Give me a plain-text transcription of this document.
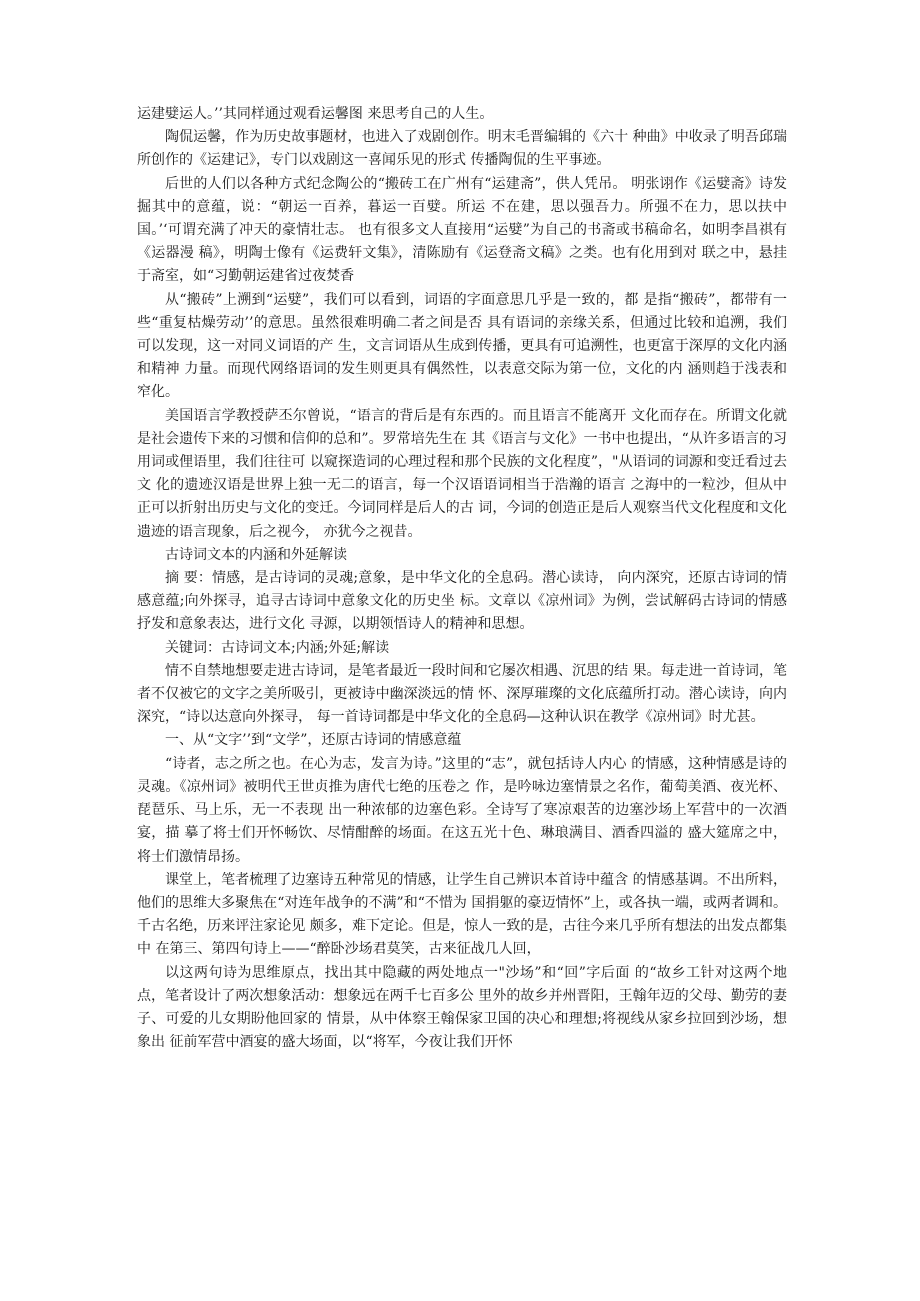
运建嬖运人。’’其同样通过观看运馨图 来思考自己的人生。

陶侃运馨，作为历史故事题材，也进入了戏剧创作。明末毛晋编辑的《六十 种曲》中收录了明吾邱瑞所创作的《运建记》，专门以戏剧这一喜闻乐见的形式 传播陶侃的生平事迹。

后世的人们以各种方式纪念陶公的“搬砖工在广州有“运建斋”，供人凭吊。 明张诩作《运嬖斋》诗发掘其中的意蕴，说：“朝运一百养，暮运一百嬖。所运 不在建，思以强吾力。所强不在力，思以扶中国。’‘可谓充满了冲天的豪情壮志。 也有很多文人直接用“运嬖”为自己的书斋或书稿命名，如明李昌祺有《运器漫 稿》，明陶士像有《运费轩文集》，清陈励有《运登斋文稿》之类。也有化用到对 联之中，悬挂于斋室，如“习勤朝运建省过夜焚香

从“搬砖”上溯到“运嬖”，我们可以看到，词语的字面意思几乎是一致的，都 是指“搬砖”，都带有一些“重复枯燥劳动’’的意思。虽然很难明确二者之间是否 具有语词的亲缘关系，但通过比较和追溯，我们可以发现，这一对同义词语的产 生，文言词语从生成到传播，更具有可追溯性，也更富于深厚的文化内涵和精神 力量。而现代网络语词的发生则更具有偶然性，以表意交际为第一位，文化的内 涵则趋于浅表和窄化。

美国语言学教授萨丕尔曾说，“语言的背后是有东西的。而且语言不能离开 文化而存在。所谓文化就是社会遗传下来的习惯和信仰的总和”。罗常培先生在 其《语言与文化》一书中也提出，“从许多语言的习用词或俚语里，我们往往可 以窥探造词的心理过程和那个民族的文化程度”，"从语词的词源和变迁看过去文 化的遗迹汉语是世界上独一无二的语言，每一个汉语语词相当于浩瀚的语言 之海中的一粒沙，但从中正可以折射出历史与文化的变迁。今词同样是后人的古 词，今词的创造正是后人观察当代文化程度和文化遗迹的语言现象，后之视今， 亦犹今之视昔。

古诗词文本的内涵和外延解读

摘 要：情感，是古诗词的灵魂;意象，是中华文化的全息码。潜心读诗， 向内深究，还原古诗词的情感意蕴;向外探寻，追寻古诗词中意象文化的历史坐 标。文章以《凉州词》为例，尝试解码古诗词的情感抒发和意象表达，进行文化 寻源，以期领悟诗人的精神和思想。

关键词：古诗词文本;内涵;外延;解读

情不自禁地想要走进古诗词，是笔者最近一段时间和它屡次相遇、沉思的结 果。每走进一首诗词，笔者不仅被它的文字之美所吸引，更被诗中幽深淡远的情 怀、深厚璀璨的文化底蕴所打动。潜心读诗，向内深究，“诗以达意向外探寻， 每一首诗词都是中华文化的全息码—这种认识在教学《凉州词》时尤甚。

一、从“文字’’到“文学”，还原古诗词的情感意蕴

“诗者，志之所之也。在心为志，发言为诗。”这里的“志”，就包括诗人内心 的情感，这种情感是诗的灵魂。《凉州词》被明代王世贞推为唐代七绝的压卷之 作，是吟咏边塞情景之名作，葡萄美酒、夜光杯、琵琶乐、马上乐，无一不表现 出一种浓郁的边塞色彩。全诗写了寒凉艰苦的边塞沙场上军营中的一次酒宴，描 摹了将士们开怀畅饮、尽情酣醉的场面。在这五光十色、琳琅满目、酒香四溢的 盛大筵席之中，将士们激情昂扬。

课堂上，笔者梳理了边塞诗五种常见的情感，让学生自己辨识本首诗中蕴含 的情感基调。不出所料，他们的思维大多聚焦在“对连年战争的不满”和“不惜为 国捐躯的豪迈情怀”上，或各执一端，或两者调和。千古名绝，历来评注家论见 颇多，难下定论。但是，惊人一致的是，古往今来几乎所有想法的出发点都集中 在第三、第四句诗上——“醉卧沙场君莫笑，古来征战几人回，

以这两句诗为思维原点，找出其中隐藏的两处地点一"沙场”和“回”字后面 的“故乡工针对这两个地点，笔者设计了两次想象活动：想象远在两千七百多公 里外的故乡并州晋阳，王翰年迈的父母、勤劳的妻子、可爱的儿女期盼他回家的 情景，从中体察王翰保家卫国的决心和理想;将视线从家乡拉回到沙场，想象出 征前军营中酒宴的盛大场面，以“将军，今夜让我们开怀
